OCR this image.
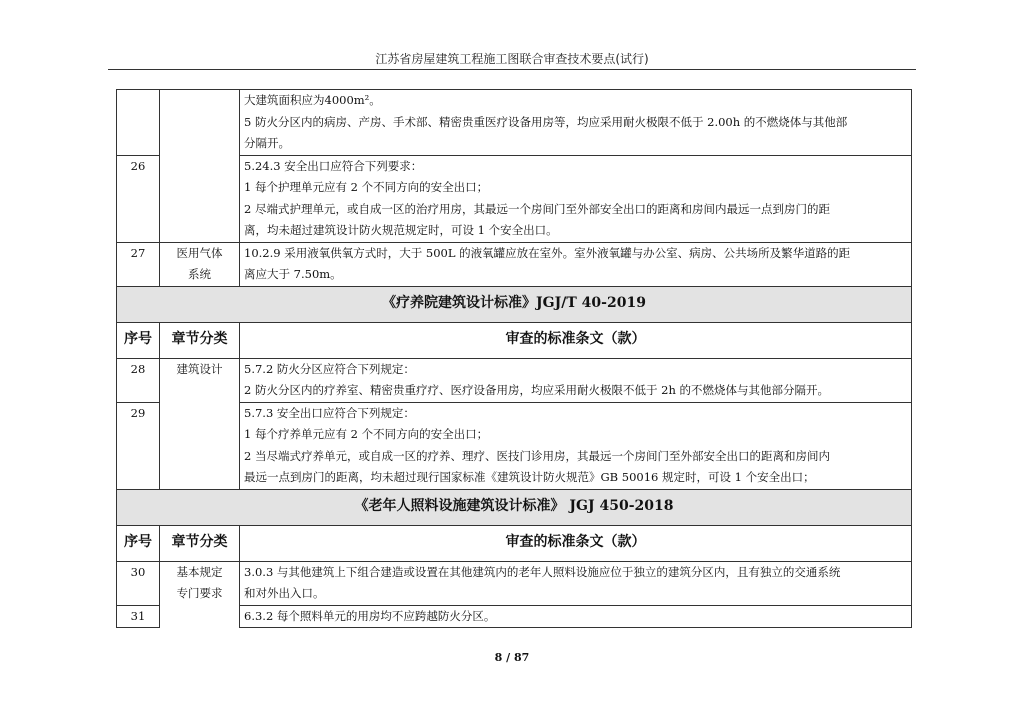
江苏省房屋建筑工程施工图联合审查技术要点(试行)

		大建筑面积应为4000m²。
5 防火分区内的病房、产房、手术部、精密贵重医疗设备用房等，均应采用耐火极限不低于 2.00h 的不燃烧体与其他部
分隔开。

26		5.24.3 安全出口应符合下列要求：
1 每个护理单元应有 2 个不同方向的安全出口；
2 尽端式护理单元，或自成一区的治疗用房，其最远一个房间门至外部安全出口的距离和房间内最远一点到房门的距
离，均未超过建筑设计防火规范规定时，可设 1 个安全出口。

27	医用气体
系统	10.2.9 采用液氧供氧方式时，大于 500L 的液氧罐应放在室外。室外液氧罐与办公室、病房、公共场所及繁华道路的距
离应大于 7.50m。

《疗养院建筑设计标准》JGJ/T 40-2019		
序号	章节分类	审查的标准条文（款）
28	建筑设计	5.7.2 防火分区应符合下列规定：
2 防火分区内的疗养室、精密贵重疗疗、医疗设备用房，均应采用耐火极限不低于 2h 的不燃烧体与其他部分隔开。

29		5.7.3 安全出口应符合下列规定：
1 每个疗养单元应有 2 个不同方向的安全出口；
2 当尽端式疗养单元，或自成一区的疗养、理疗、医技门诊用房，其最远一个房间门至外部安全出口的距离和房间内
最远一点到房门的距离，均未超过现行国家标准《建筑设计防火规范》GB 50016 规定时，可设 1 个安全出口；

《老年人照料设施建筑设计标准》 JGJ 450-2018		
序号	章节分类	审查的标准条文（款）
30	基本规定
专门要求	3.0.3 与其他建筑上下组合建造或设置在其他建筑内的老年人照料设施应位于独立的建筑分区内，且有独立的交通系统
和对外出入口。

31		6.3.2 每个照料单元的用房均不应跨越防火分区。
8 / 87
